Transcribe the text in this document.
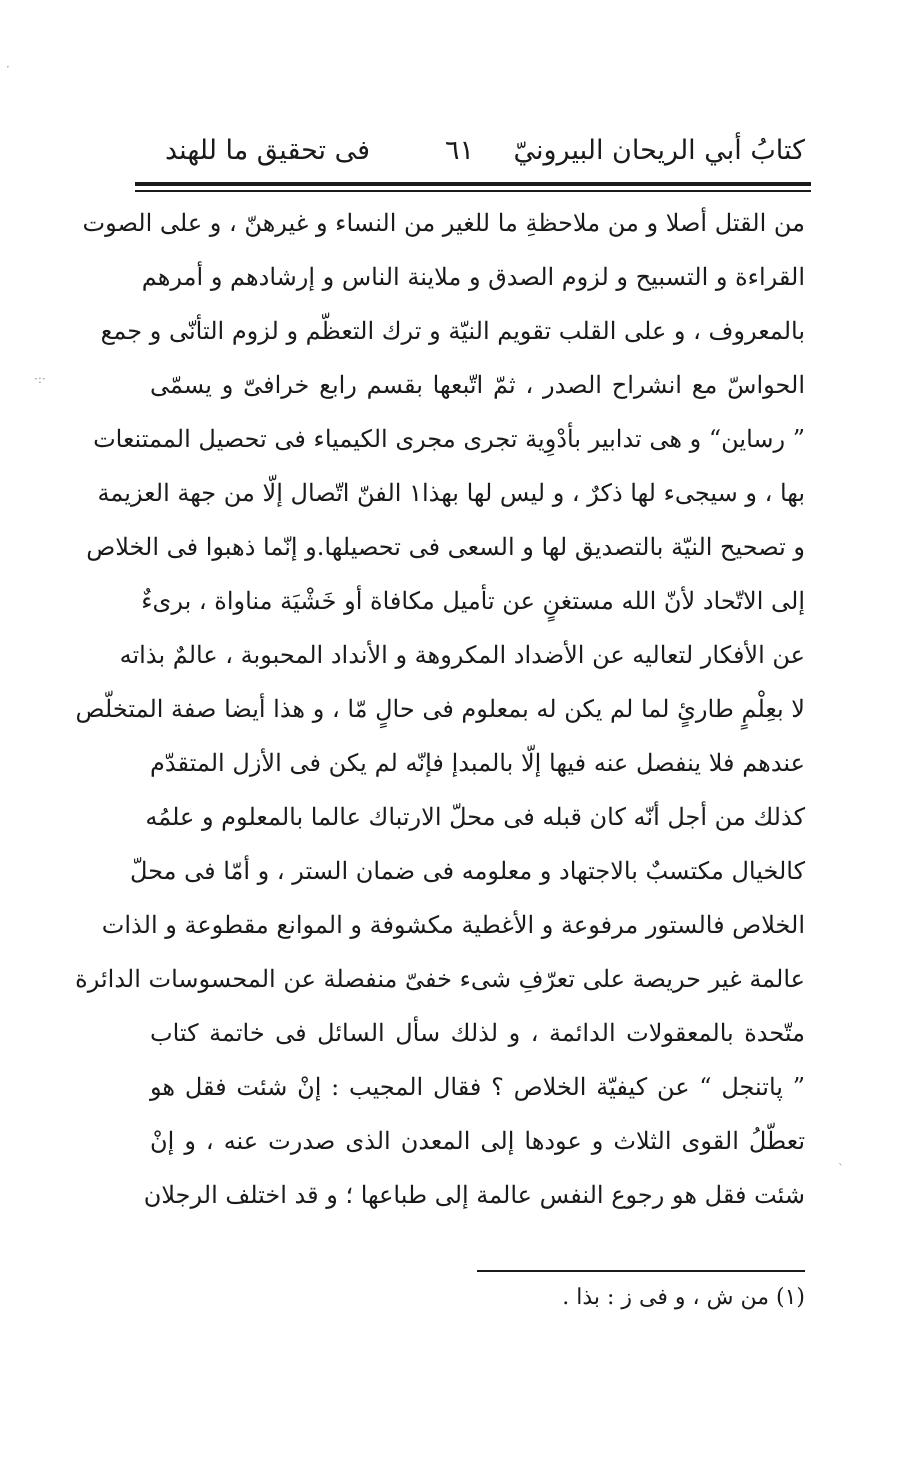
·
·:·
`
كتابُ أبي الريحان البيرونيّ
٦١
فى تحقيق ما للهند
من القتل أصلا و من ملاحظةِ ما للغير من النساء و غيرهنّ ، و على الصوت
القراءة و التسبيح و لزوم الصدق و ملاينة الناس و إرشادهم و أمرهم
بالمعروف ، و على القلب تقويم النيّة و ترك التعظّم و لزوم التأنّى و جمع
الحواسّ مع انشراح الصدر ، ثمّ اتّبعها بقسم رابع خرافىّ و يسمّى
” رساين“ و هى تدابير بأدْوِية تجرى مجرى الكيمياء فى تحصيل الممتنعات
بها ، و سيجىء لها ذكرٌ ، و ليس لها بهذا١ الفنّ اتّصال إلّا من جهة العزيمة
و تصحيح النيّة بالتصديق لها و السعى فى تحصيلها.و إنّما ذهبوا فى الخلاص
إلى الاتّحاد لأنّ الله مستغنٍ عن تأميل مكافاة أو خَشْيَة مناواة ، برىءٌ
عن الأفكار لتعاليه عن الأضداد المكروهة و الأنداد المحبوبة ، عالمٌ بذاته
لا بعِلْمٍ طارئٍ لما لم يكن له بمعلوم فى حالٍ مّا ، و هذا أيضا صفة المتخلّص
عندهم فلا ينفصل عنه فيها إلّا بالمبدإ فإنّه لم يكن فى الأزل المتقدّم
كذلك من أجل أنّه كان قبله فى محلّ الارتباك عالما بالمعلوم و علمُه
كالخيال مكتسبٌ بالاجتهاد و معلومه فى ضمان الستر ، و أمّا فى محلّ
الخلاص فالستور مرفوعة و الأغطية مكشوفة و الموانع مقطوعة و الذات
عالمة غير حريصة على تعرّفِ شىء خفىّ منفصلة عن المحسوسات الدائرة
متّحدة بالمعقولات الدائمة ، و لذلك سأل السائل فى خاتمة كتاب
” پاتنجل “ عن كيفيّة الخلاص ؟ فقال المجيب : إنْ شئت فقل هو
تعطّلُ القوى الثلاث و عودها إلى المعدن الذى صدرت عنه ، و إنْ
شئت فقل هو رجوع النفس عالمة إلى طباعها ؛ و قد اختلف الرجلان
(١) من ش ، و فى ز : بذا .
